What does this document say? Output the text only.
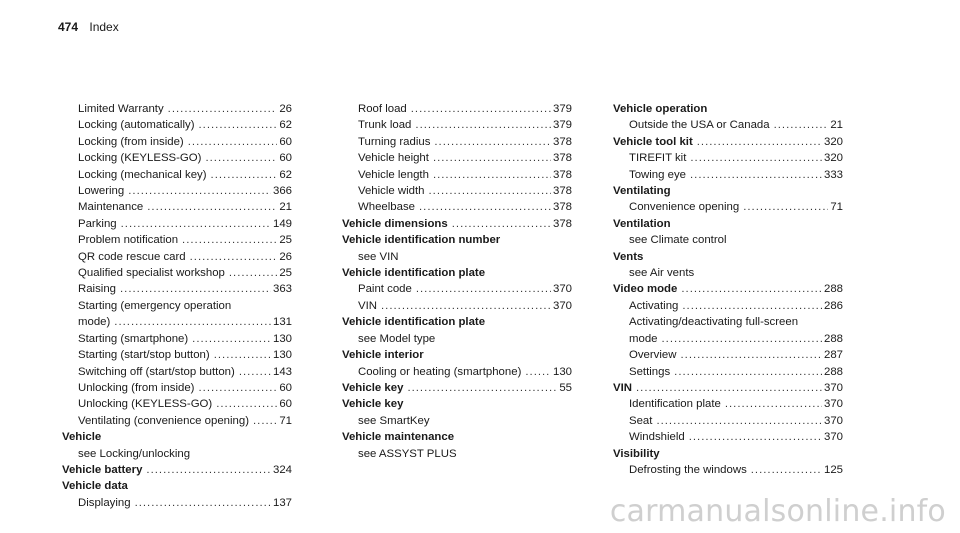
474 Index
Limited Warranty .....	26
Locking (automatically) .....	62
Locking (from inside) .....	60
Locking (KEYLESS-GO) .....	60
Locking (mechanical key) .....	62
Lowering .....	366
Maintenance .....	21
Parking .....	149
Problem notification .....	25
QR code rescue card .....	26
Qualified specialist workshop .....	25
Raising .....	363
Starting (emergency operation
mode) .....	131
Starting (smartphone) .....	130
Starting (start/stop button) .....	130
Switching off (start/stop button) .....	143
Unlocking (from inside) .....	60
Unlocking (KEYLESS-GO) .....	60
Ventilating (convenience opening) .....	71
Vehicle
see Locking/unlocking
Vehicle battery .....	324
Vehicle data
Displaying .....	137
Roof load .....	379
Trunk load .....	379
Turning radius .....	378
Vehicle height .....	378
Vehicle length .....	378
Vehicle width .....	378
Wheelbase .....	378
Vehicle dimensions .....	378
Vehicle identification number
see VIN
Vehicle identification plate
Paint code .....	370
VIN .....	370
Vehicle identification plate
see Model type
Vehicle interior
Cooling or heating (smartphone) .....	130
Vehicle key .....	55
Vehicle key
see SmartKey
Vehicle maintenance
see ASSYST PLUS
Vehicle operation
Outside the USA or Canada .....	21
Vehicle tool kit .....	320
TIREFIT kit .....	320
Towing eye .....	333
Ventilating
Convenience opening .....	71
Ventilation
see Climate control
Vents
see Air vents
Video mode .....	288
Activating .....	286
Activating/deactivating full-screen
mode .....	288
Overview .....	287
Settings .....	288
VIN .....	370
Identification plate .....	370
Seat .....	370
Windshield .....	370
Visibility
Defrosting the windows .....	125
carmanualsonline.info
